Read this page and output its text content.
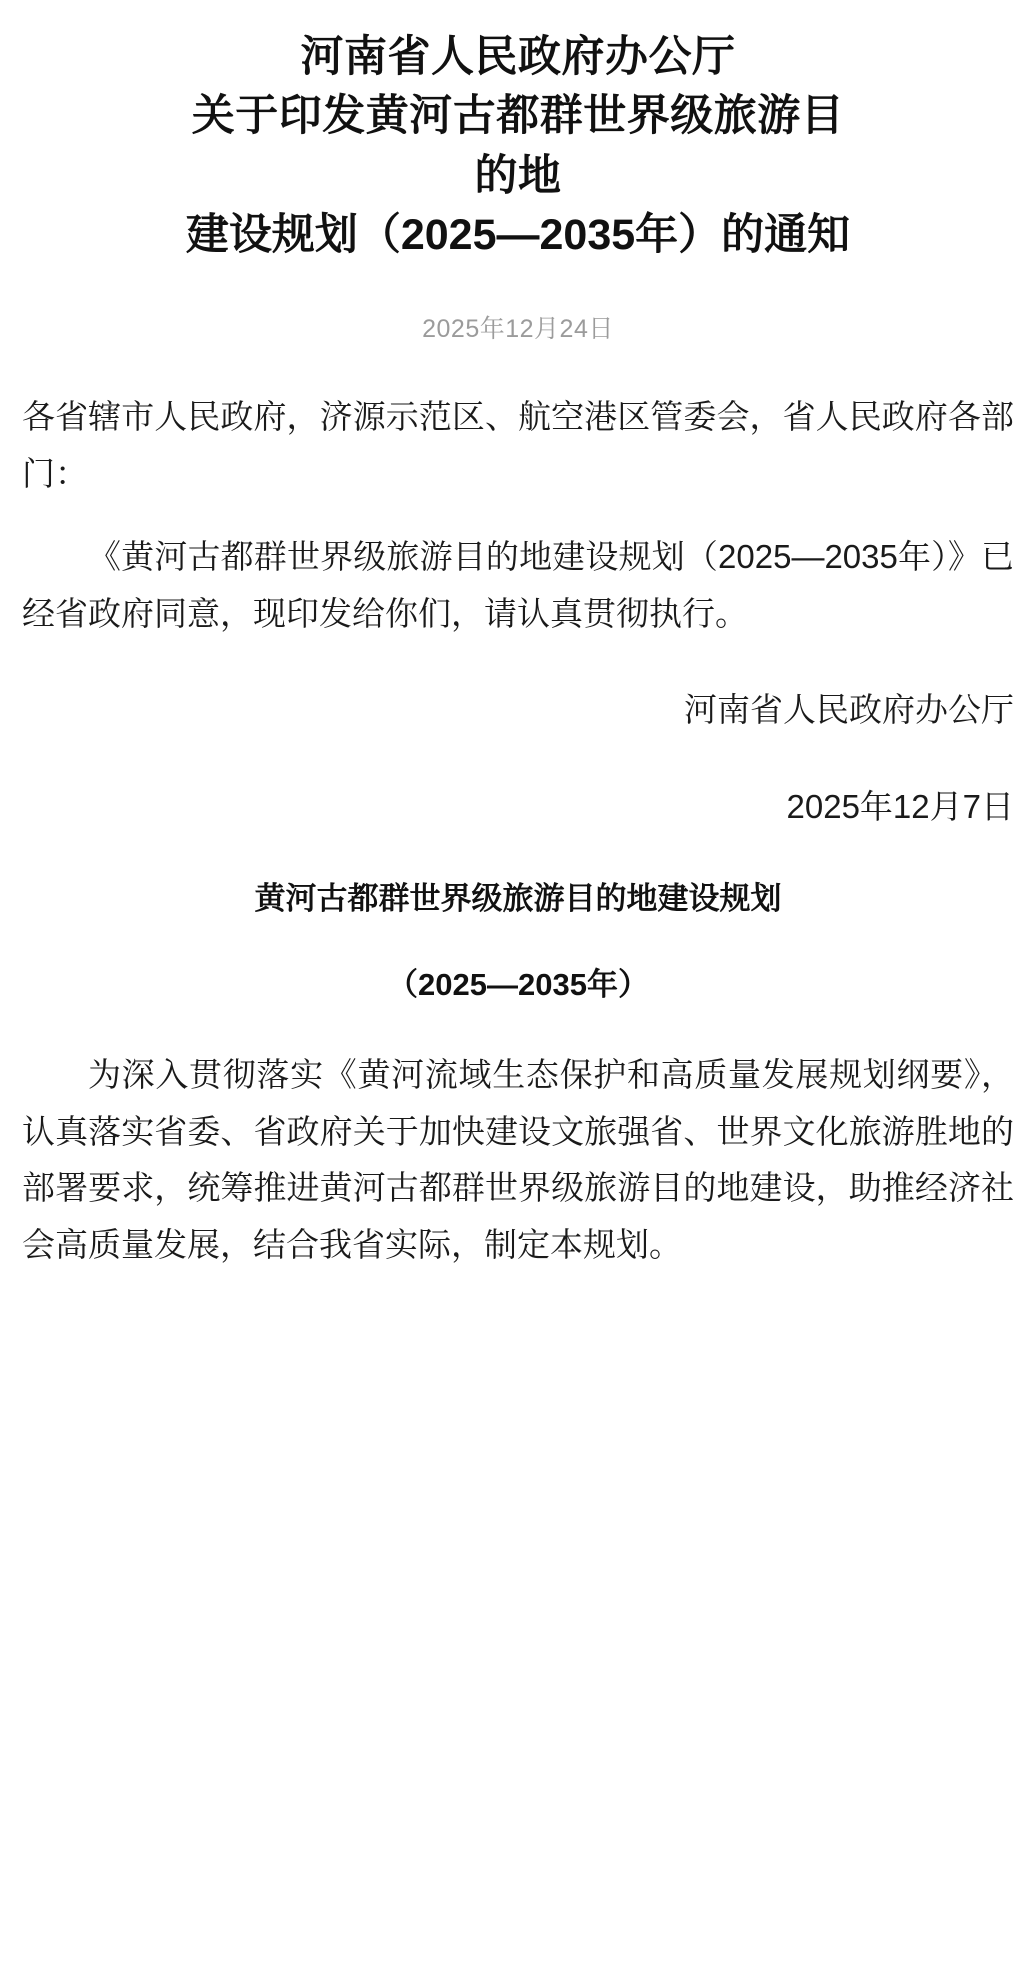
河南省人民政府办公厅
关于印发黄河古都群世界级旅游目
的地
建设规划（2025—2035年）的通知
2025年12月24日

各省辖市人民政府，济源示范区、航空港区管委会，省人民政府各部门：

《黄河古都群世界级旅游目的地建设规划（2025—2035年）》已经省政府同意，现印发给你们，请认真贯彻执行。

河南省人民政府办公厅

2025年12月7日

黄河古都群世界级旅游目的地建设规划
（2025—2035年）

为深入贯彻落实《黄河流域生态保护和高质量发展规划纲要》，认真落实省委、省政府关于加快建设文旅强省、世界文化旅游胜地的部署要求，统筹推进黄河古都群世界级旅游目的地建设，助推经济社会高质量发展，结合我省实际，制定本规划。
